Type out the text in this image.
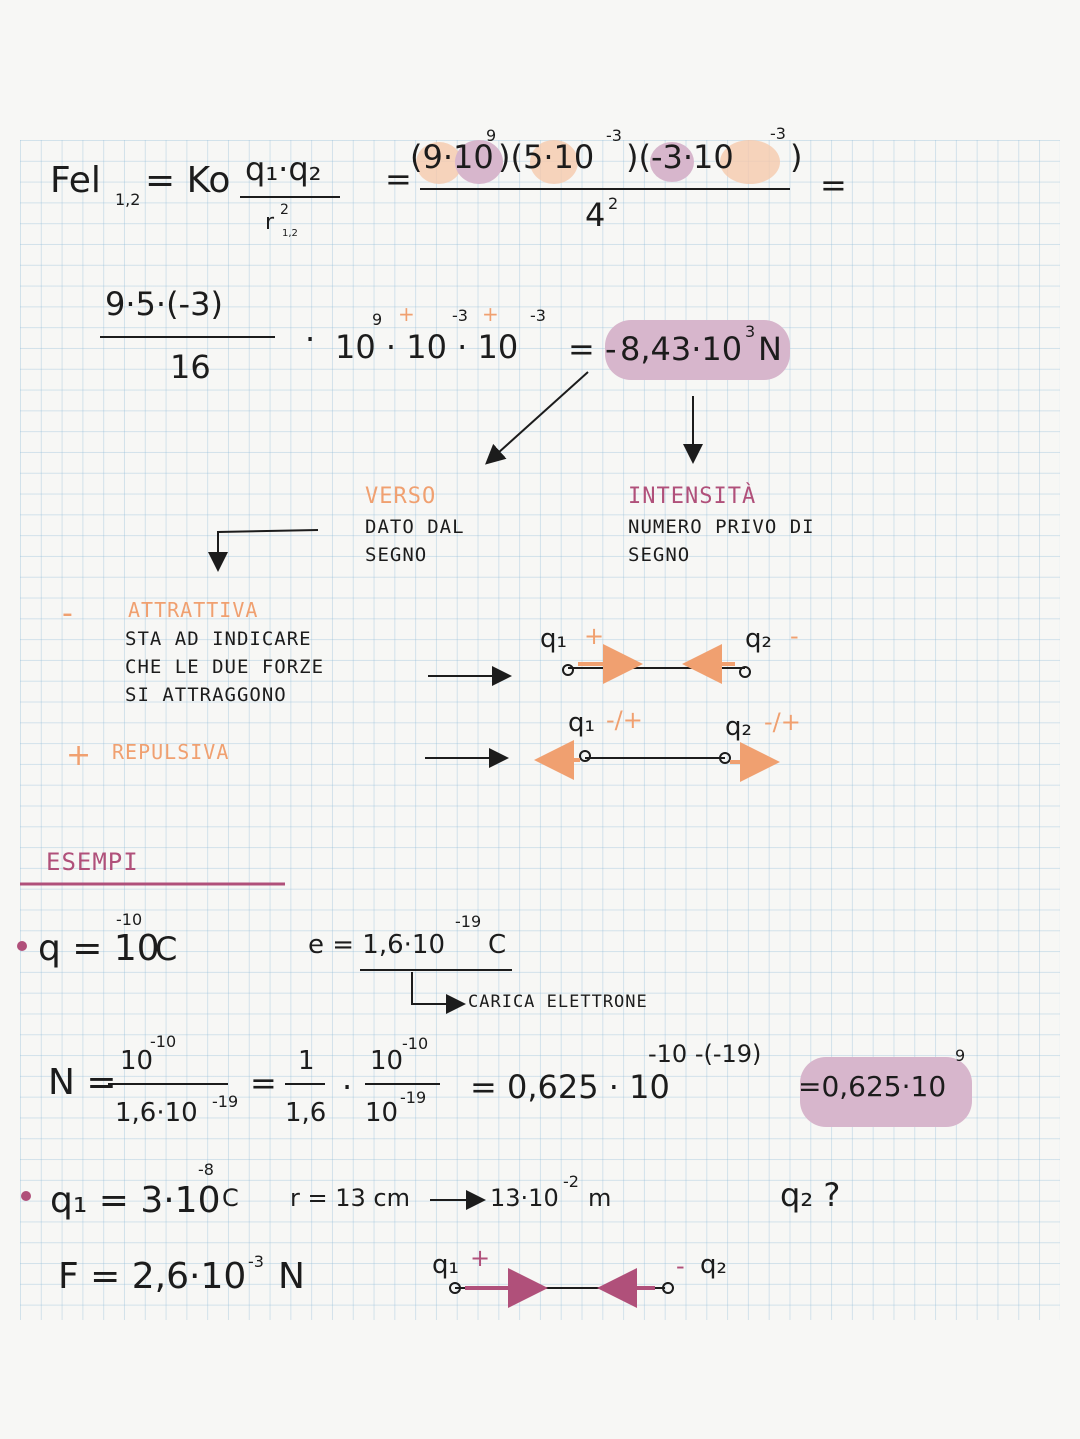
Fel 1,2 = Ko q₁·q₂
r 2
1,2
=
(9·10
9
)(5·10
-3
)(-3·10
-3
)
4 2	=
9·5·(-3)
16
· 10 · 10 · 10
9	-3	-3
+	+
= - 8,43·10 3 N
VERSO
DATO DAL
SEGNO
INTENSITÀ
NUMERO PRIVO DI
SEGNO
-	ATTRATTIVA
STA AD INDICARE
CHE LE DUE FORZE
SI ATTRAGGONO
+ REPULSIVA
q₁ +	q₂ -
q₁ -/+	q₂ -/+
ESEMPI
q = 10
-10
C	e = 1,6·10
-19
C
CARICA ELETTRONE
N =
10
-10
1,6·10 -19 =
1
1,6
·
10
-10
10
-19 = 0,625 · 10
-10 -(-19)
=0,625·10
9
q₁ = 3·10
-8
C r = 13 cm	13·10
-2
m	q₂ ?
F = 2,6·10 -3 N	q₁ +	- q₂
